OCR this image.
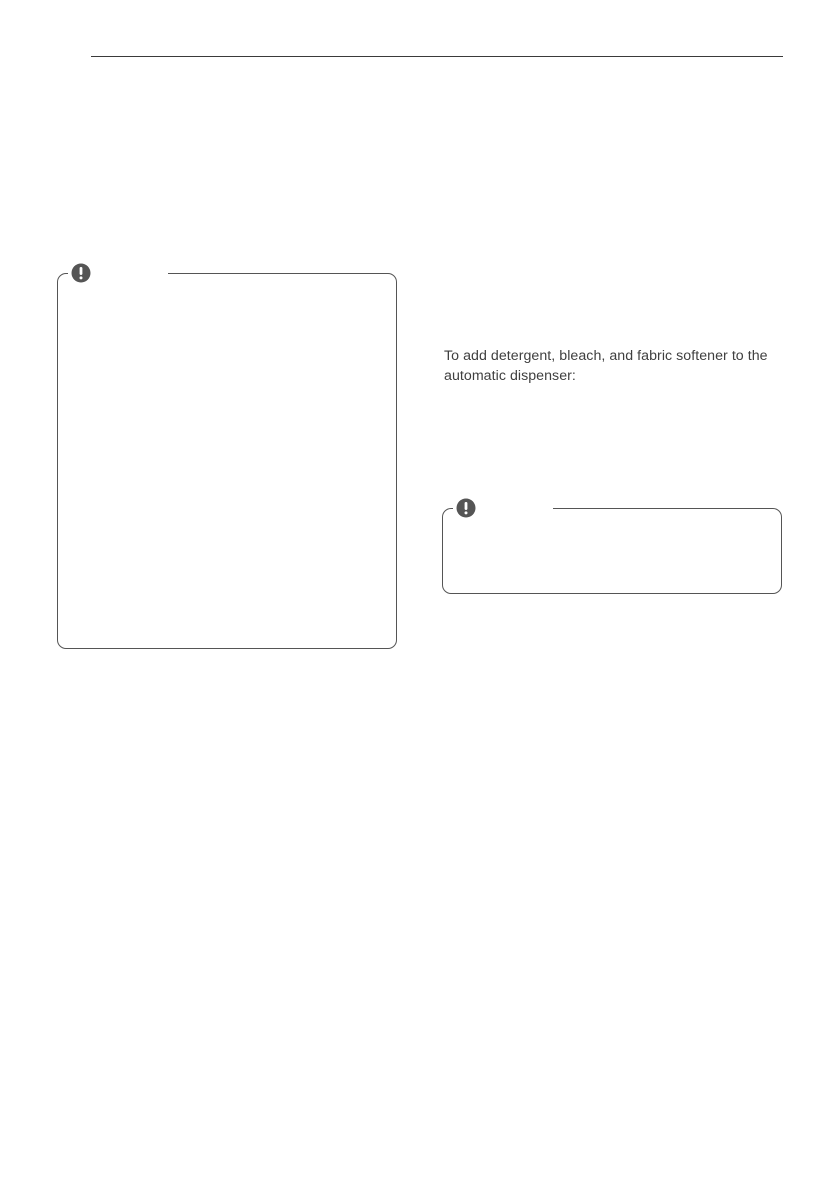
To add detergent, bleach, and fabric softener to the automatic dispenser:
